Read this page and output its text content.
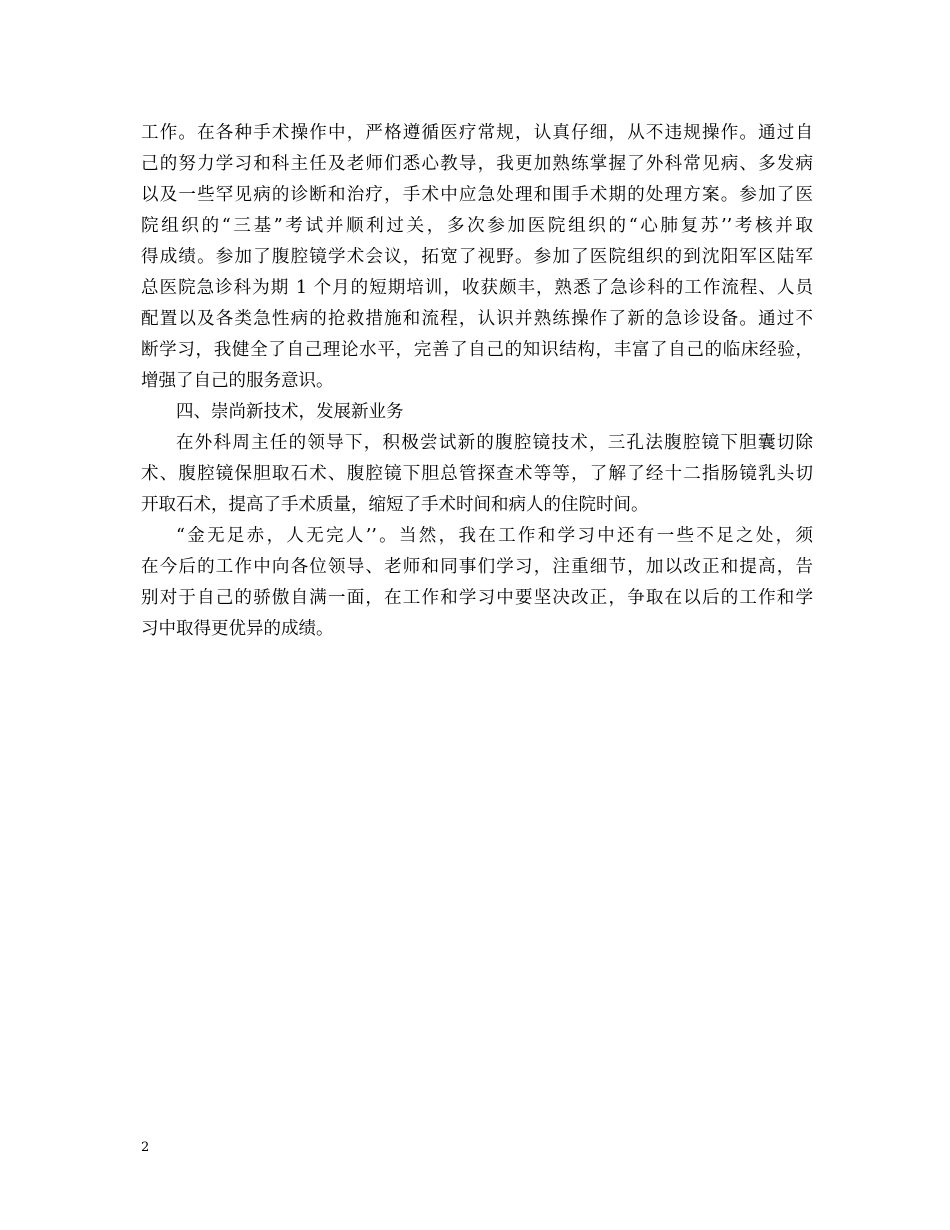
工作。在各种手术操作中，严格遵循医疗常规，认真仔细，从不违规操作。通过自
己的努力学习和科主任及老师们悉心教导，我更加熟练掌握了外科常见病、多发病
以及一些罕见病的诊断和治疗，手术中应急处理和围手术期的处理方案。参加了医
院组织的“三基”考试并顺利过关，多次参加医院组织的“心肺复苏’’考核并取
得成绩。参加了腹腔镜学术会议，拓宽了视野。参加了医院组织的到沈阳军区陆军
总医院急诊科为期 1 个月的短期培训，收获颇丰，熟悉了急诊科的工作流程、人员
配置以及各类急性病的抢救措施和流程，认识并熟练操作了新的急诊设备。通过不
断学习，我健全了自己理论水平，完善了自己的知识结构，丰富了自己的临床经验，
增强了自己的服务意识。
四、崇尚新技术，发展新业务
在外科周主任的领导下，积极尝试新的腹腔镜技术，三孔法腹腔镜下胆囊切除
术、腹腔镜保胆取石术、腹腔镜下胆总管探查术等等，了解了经十二指肠镜乳头切
开取石术，提高了手术质量，缩短了手术时间和病人的住院时间。
“金无足赤，人无完人’’。当然，我在工作和学习中还有一些不足之处，须
在今后的工作中向各位领导、老师和同事们学习，注重细节，加以改正和提高，告
别对于自己的骄傲自满一面，在工作和学习中要坚决改正，争取在以后的工作和学
习中取得更优异的成绩。
2
